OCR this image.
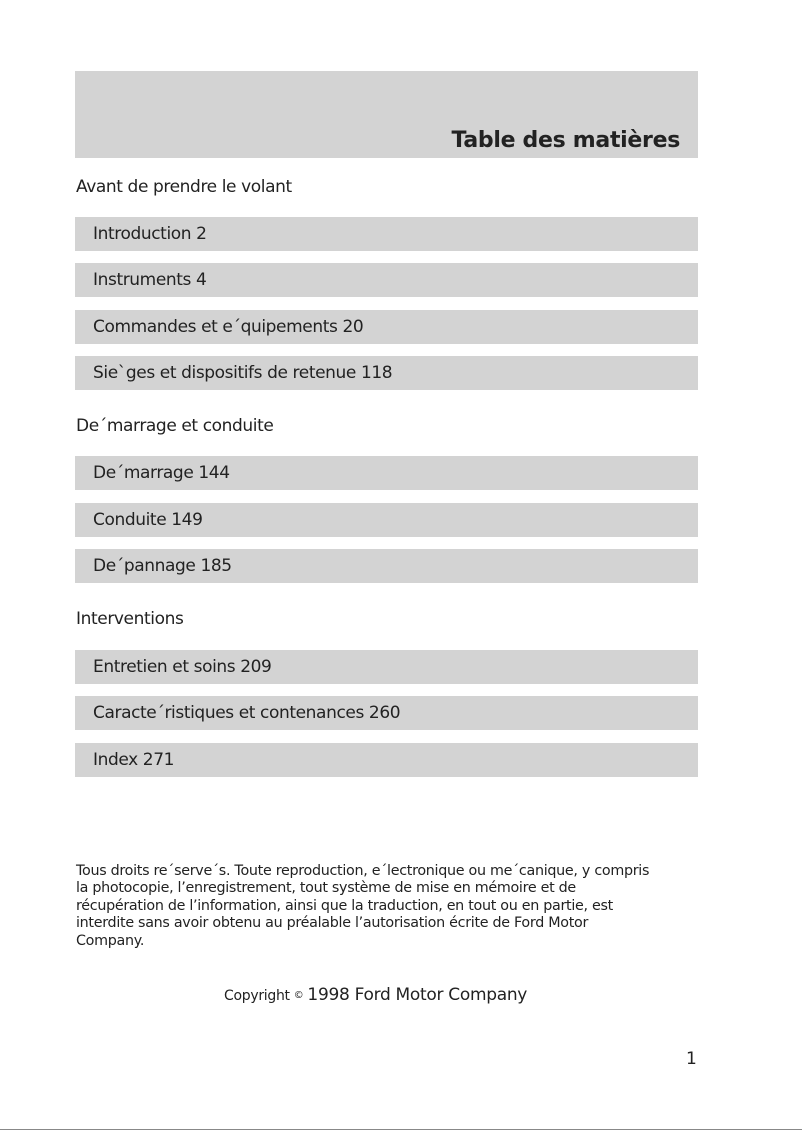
Table des matières
Avant de prendre le volant
Introduction 2
Instruments 4
Commandes et e´quipements 20
Sie`ges et dispositifs de retenue 118
De´marrage et conduite
De´marrage 144
Conduite 149
De´pannage 185
Interventions
Entretien et soins 209
Caracte´ristiques et contenances 260
Index 271
Tous droits re´serve´s. Toute reproduction, e´lectronique ou me´canique, y compris
la photocopie, l’enregistrement, tout système de mise en mémoire et de
récupération de l’information, ainsi que la traduction, en tout ou en partie, est
interdite sans avoir obtenu au préalable l’autorisation écrite de Ford Motor
Company.
Copyright © 1998 Ford Motor Company
1
